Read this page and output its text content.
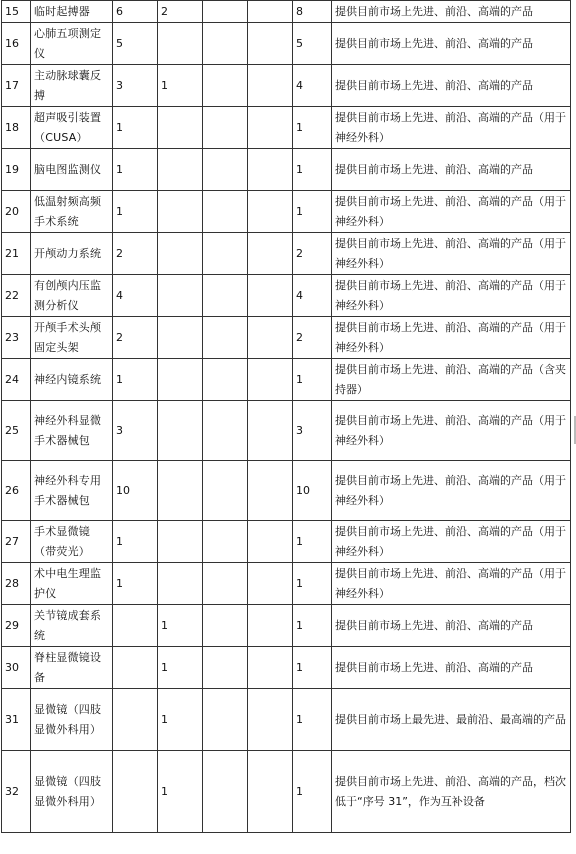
15	临时起搏器	6	2			8	提供目前市场上先进、前沿、高端的产品
16	心肺五项测定仪	5				5	提供目前市场上先进、前沿、高端的产品
17	主动脉球囊反搏	3	1			4	提供目前市场上先进、前沿、高端的产品
18	超声吸引装置（CUSA）	1				1	提供目前市场上先进、前沿、高端的产品（用于神经外科）
19	脑电图监测仪	1				1	提供目前市场上先进、前沿、高端的产品
20	低温射频高频手术系统	1				1	提供目前市场上先进、前沿、高端的产品（用于神经外科）
21	开颅动力系统	2				2	提供目前市场上先进、前沿、高端的产品（用于神经外科）
22	有创颅内压监测分析仪	4				4	提供目前市场上先进、前沿、高端的产品（用于神经外科）
23	开颅手术头颅固定头架	2				2	提供目前市场上先进、前沿、高端的产品（用于神经外科）
24	神经内镜系统	1				1	提供目前市场上先进、前沿、高端的产品（含夹持器）
25	神经外科显微手术器械包	3				3	提供目前市场上先进、前沿、高端的产品（用于神经外科）
26	神经外科专用手术器械包	10				10	提供目前市场上先进、前沿、高端的产品（用于神经外科）
27	手术显微镜（带荧光）	1				1	提供目前市场上先进、前沿、高端的产品（用于神经外科）
28	术中电生理监护仪	1				1	提供目前市场上先进、前沿、高端的产品（用于神经外科）
29	关节镜成套系统		1			1	提供目前市场上先进、前沿、高端的产品
30	脊柱显微镜设备		1			1	提供目前市场上先进、前沿、高端的产品
31	显微镜（四肢显微外科用）		1			1	提供目前市场上最先进、最前沿、最高端的产品
32	显微镜（四肢显微外科用）		1			1	提供目前市场上先进、前沿、高端的产品，档次低于“序号 31”，作为互补设备
